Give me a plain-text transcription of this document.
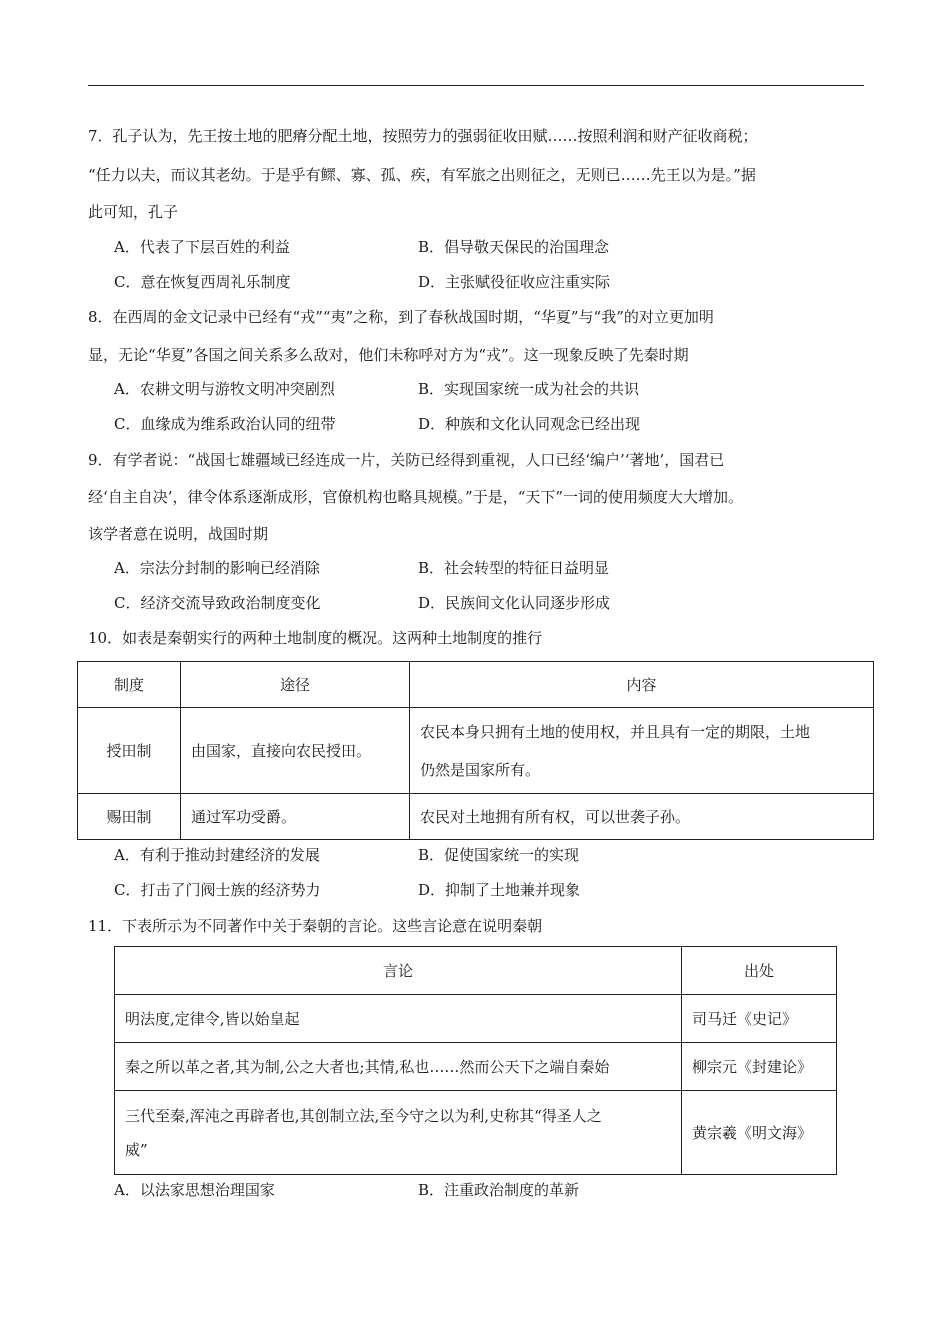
7．孔子认为，先王按土地的肥瘠分配土地，按照劳力的强弱征收田赋……按照利润和财产征收商税；
“任力以夫，而议其老幼。于是乎有鳏、寡、孤、疾，有军旅之出则征之，无则已……先王以为是。”据
此可知，孔子
A．代表了下层百姓的利益	B．倡导敬天保民的治国理念
C．意在恢复西周礼乐制度	D．主张赋役征收应注重实际
8．在西周的金文记录中已经有“戎”“夷”之称，到了春秋战国时期，“华夏”与“我”的对立更加明
显，无论“华夏”各国之间关系多么敌对，他们未称呼对方为“戎”。这一现象反映了先秦时期
A．农耕文明与游牧文明冲突剧烈	B．实现国家统一成为社会的共识
C．血缘成为维系政治认同的纽带	D．种族和文化认同观念已经出现
9．有学者说：“战国七雄疆域已经连成一片，关防已经得到重视，人口已经‘编户’‘著地’，国君已
经‘自主自决’，律令体系逐渐成形，官僚机构也略具规模。”于是，“天下”一词的使用频度大大增加。
该学者意在说明，战国时期
A．宗法分封制的影响已经消除	B．社会转型的特征日益明显
C．经济交流导致政治制度变化	D．民族间文化认同逐步形成
10．如表是秦朝实行的两种土地制度的概况。这两种土地制度的推行
制度	途径	内容
授田制	由国家，直接向农民授田。	农民本身只拥有土地的使用权，并且具有一定的期限，土地
仍然是国家所有。

赐田制	通过军功受爵。	农民对土地拥有所有权，可以世袭子孙。
A．有利于推动封建经济的发展	B．促使国家统一的实现
C．打击了门阀士族的经济势力	D．抑制了土地兼并现象
11．下表所示为不同著作中关于秦朝的言论。这些言论意在说明秦朝
言论	出处
明法度,定律令,皆以始皇起	司马迁《史记》
秦之所以革之者,其为制,公之大者也;其情,私也……然而公天下之端自秦始	柳宗元《封建论》

三代至秦,浑沌之再辟者也,其创制立法,至今守之以为利,史称其“得圣人之
威”	黄宗羲《明文海》
A．以法家思想治理国家	B．注重政治制度的革新
